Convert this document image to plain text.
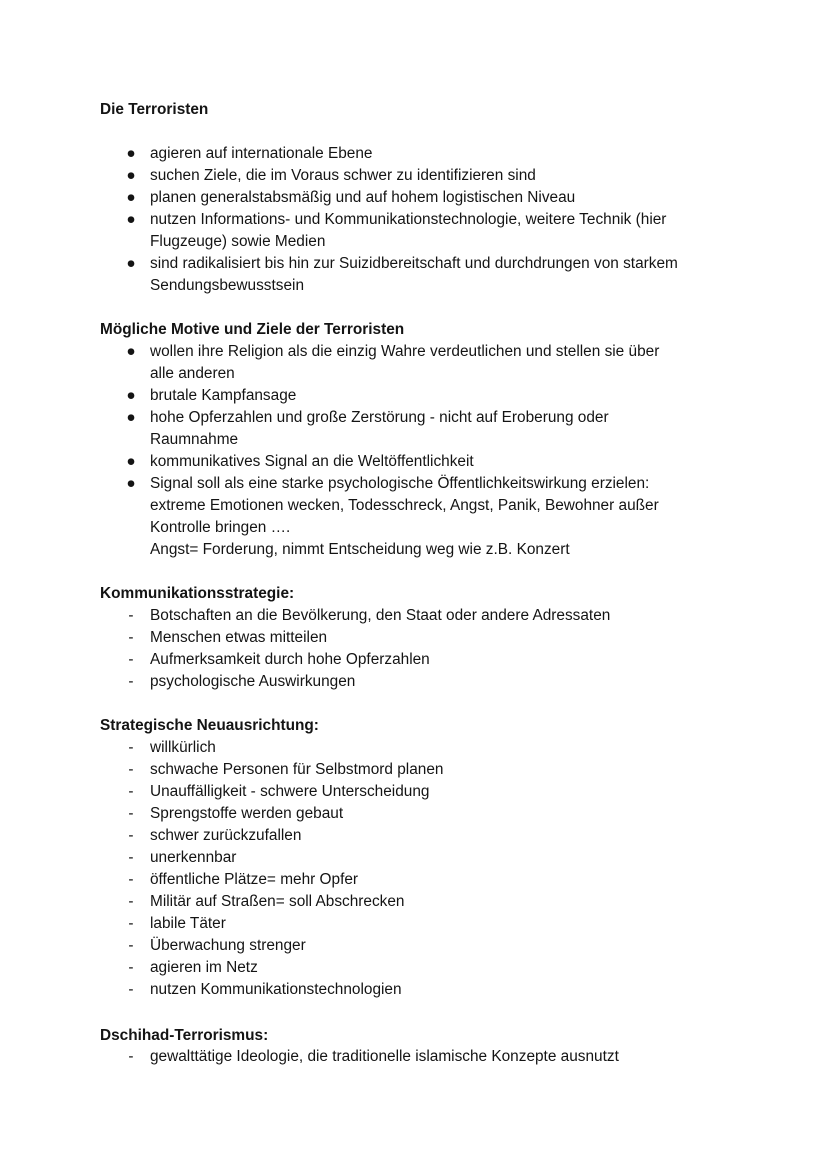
Die Terroristen
● agieren auf internationale Ebene
● suchen Ziele, die im Voraus schwer zu identifizieren sind
● planen generalstabsmäßig und auf hohem logistischen Niveau
● nutzen Informations- und Kommunikationstechnologie, weitere Technik (hier
Flugzeuge) sowie Medien
● sind radikalisiert bis hin zur Suizidbereitschaft und durchdrungen von starkem
Sendungsbewusstsein
Mögliche Motive und Ziele der Terroristen
● wollen ihre Religion als die einzig Wahre verdeutlichen und stellen sie über
alle anderen
● brutale Kampfansage
● hohe Opferzahlen und große Zerstörung - nicht auf Eroberung oder
Raumnahme
● kommunikatives Signal an die Weltöffentlichkeit
● Signal soll als eine starke psychologische Öffentlichkeitswirkung erzielen:
extreme Emotionen wecken, Todesschreck, Angst, Panik, Bewohner außer
Kontrolle bringen ….
Angst= Forderung, nimmt Entscheidung weg wie z.B. Konzert
Kommunikationsstrategie:
- Botschaften an die Bevölkerung, den Staat oder andere Adressaten
- Menschen etwas mitteilen
- Aufmerksamkeit durch hohe Opferzahlen
- psychologische Auswirkungen
Strategische Neuausrichtung:
- willkürlich
- schwache Personen für Selbstmord planen
- Unauffälligkeit - schwere Unterscheidung
- Sprengstoffe werden gebaut
- schwer zurückzufallen
- unerkennbar
- öffentliche Plätze= mehr Opfer
- Militär auf Straßen= soll Abschrecken
- labile Täter
- Überwachung strenger
- agieren im Netz
- nutzen Kommunikationstechnologien
Dschihad-Terrorismus:
- gewalttätige Ideologie, die traditionelle islamische Konzepte ausnutzt
